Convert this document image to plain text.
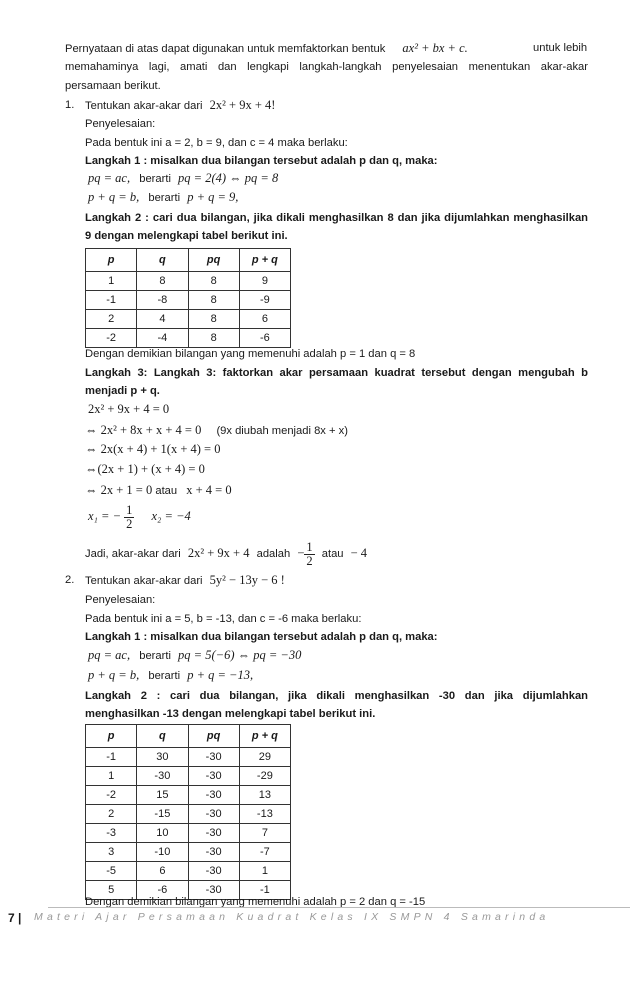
Pernyataan di atas dapat digunakan untuk memfaktorkan bentuk ax² + bx + c.	untuk lebih
memahaminya lagi, amati dan lengkapi langkah-langkah penyelesaian menentukan akar-akar
persamaan berikut.
1. Tentukan akar-akar dari 2x² + 9x + 4!
Penyelesaian:
Pada bentuk ini a = 2, b = 9, dan c = 4 maka berlaku:
Langkah 1 : misalkan dua bilangan tersebut adalah p dan q, maka:
pq = ac, berarti pq = 2(4) ⇔ pq = 8
p + q = b, berarti p + q = 9,
Langkah 2 : cari dua bilangan, jika dikali menghasilkan 8 dan jika dijumlahkan menghasilkan
9 dengan melengkapi tabel berikut ini.
p	q	pq	p + q
1	8	8	9
-1	-8	8	-9
2	4	8	6
-2	-4	8	-6
Dengan demikian bilangan yang memenuhi adalah p = 1 dan q = 8
Langkah 3: Langkah 3: faktorkan akar persamaan kuadrat tersebut dengan mengubah b
menjadi p + q.
2x² + 9x + 4 = 0
⇔ 2x² + 8x + x + 4 = 0 (9x diubah menjadi 8x + x)
⇔ 2x(x + 4) + 1(x + 4) = 0
⇔(2x + 1) + (x + 4) = 0
⇔ 2x + 1 = 0 atau x + 4 = 0
x₁ = − $\frac{1}{2} x_2 = -4$
Jadi, akar-akar dari 2x² + 9x + 4 adalah − $\frac{1}{2}$ atau − 4
2. Tentukan akar-akar dari 5y² − 13y − 6 !
Penyelesaian:
Pada bentuk ini a = 5, b = -13, dan c = -6 maka berlaku:
Langkah 1 : misalkan dua bilangan tersebut adalah p dan q, maka:
pq = ac, berarti pq = 5(−6) ⇔ pq = −30
p + q = b, berarti p + q = −13,
Langkah 2 : cari dua bilangan, jika dikali menghasilkan -30 dan jika dijumlahkan
menghasilkan -13 dengan melengkapi tabel berikut ini.
p	q	pq	p + q
-1	30	-30	29
1	-30	-30	-29
-2	15	-30	13
2	-15	-30	-13
-3	10	-30	7
3	-10	-30	-7
-5	6	-30	1
5	-6	-30	-1
Dengan demikian bilangan yang memenuhi adalah p = 2 dan q = -15
7 | Materi Ajar Persamaan Kuadrat Kelas IX SMPN 4 Samarinda
